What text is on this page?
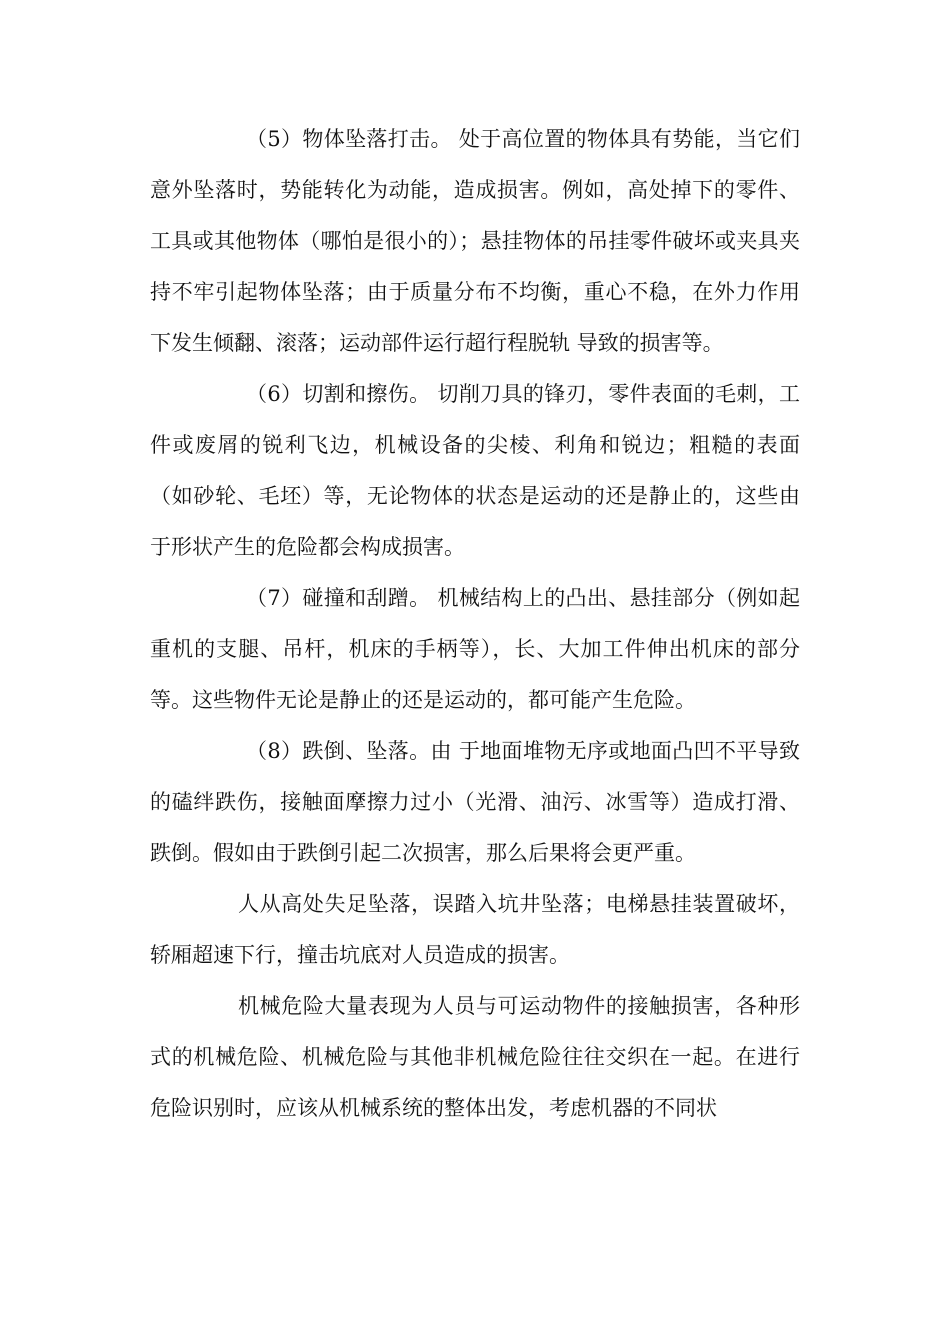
（5）物体坠落打击。 处于高位置的物体具有势能，当它们意外坠落时，势能转化为动能，造成损害。例如，高处掉下的零件、工具或其他物体（哪怕是很小的）；悬挂物体的吊挂零件破坏或夹具夹持不牢引起物体坠落；由于质量分布不均衡，重心不稳，在外力作用下发生倾翻、滚落；运动部件运行超行程脱轨 导致的损害等。

（6）切割和擦伤。 切削刀具的锋刃，零件表面的毛刺，工件或废屑的锐利飞边，机械设备的尖棱、利角和锐边；粗糙的表面（如砂轮、毛坯）等，无论物体的状态是运动的还是静止的，这些由于形状产生的危险都会构成损害。

（7）碰撞和刮蹭。 机械结构上的凸出、悬挂部分（例如起重机的支腿、吊杆，机床的手柄等），长、大加工件伸出机床的部分等。这些物件无论是静止的还是运动的，都可能产生危险。

（8）跌倒、坠落。由 于地面堆物无序或地面凸凹不平导致的磕绊跌伤，接触面摩擦力过小（光滑、油污、冰雪等）造成打滑、跌倒。假如由于跌倒引起二次损害，那么后果将会更严重。

人从高处失足坠落，误踏入坑井坠落；电梯悬挂装置破坏，轿厢超速下行，撞击坑底对人员造成的损害。

机械危险大量表现为人员与可运动物件的接触损害，各种形式的机械危险、机械危险与其他非机械危险往往交织在一起。在进行危险识别时，应该从机械系统的整体出发，考虑机器的不同状
